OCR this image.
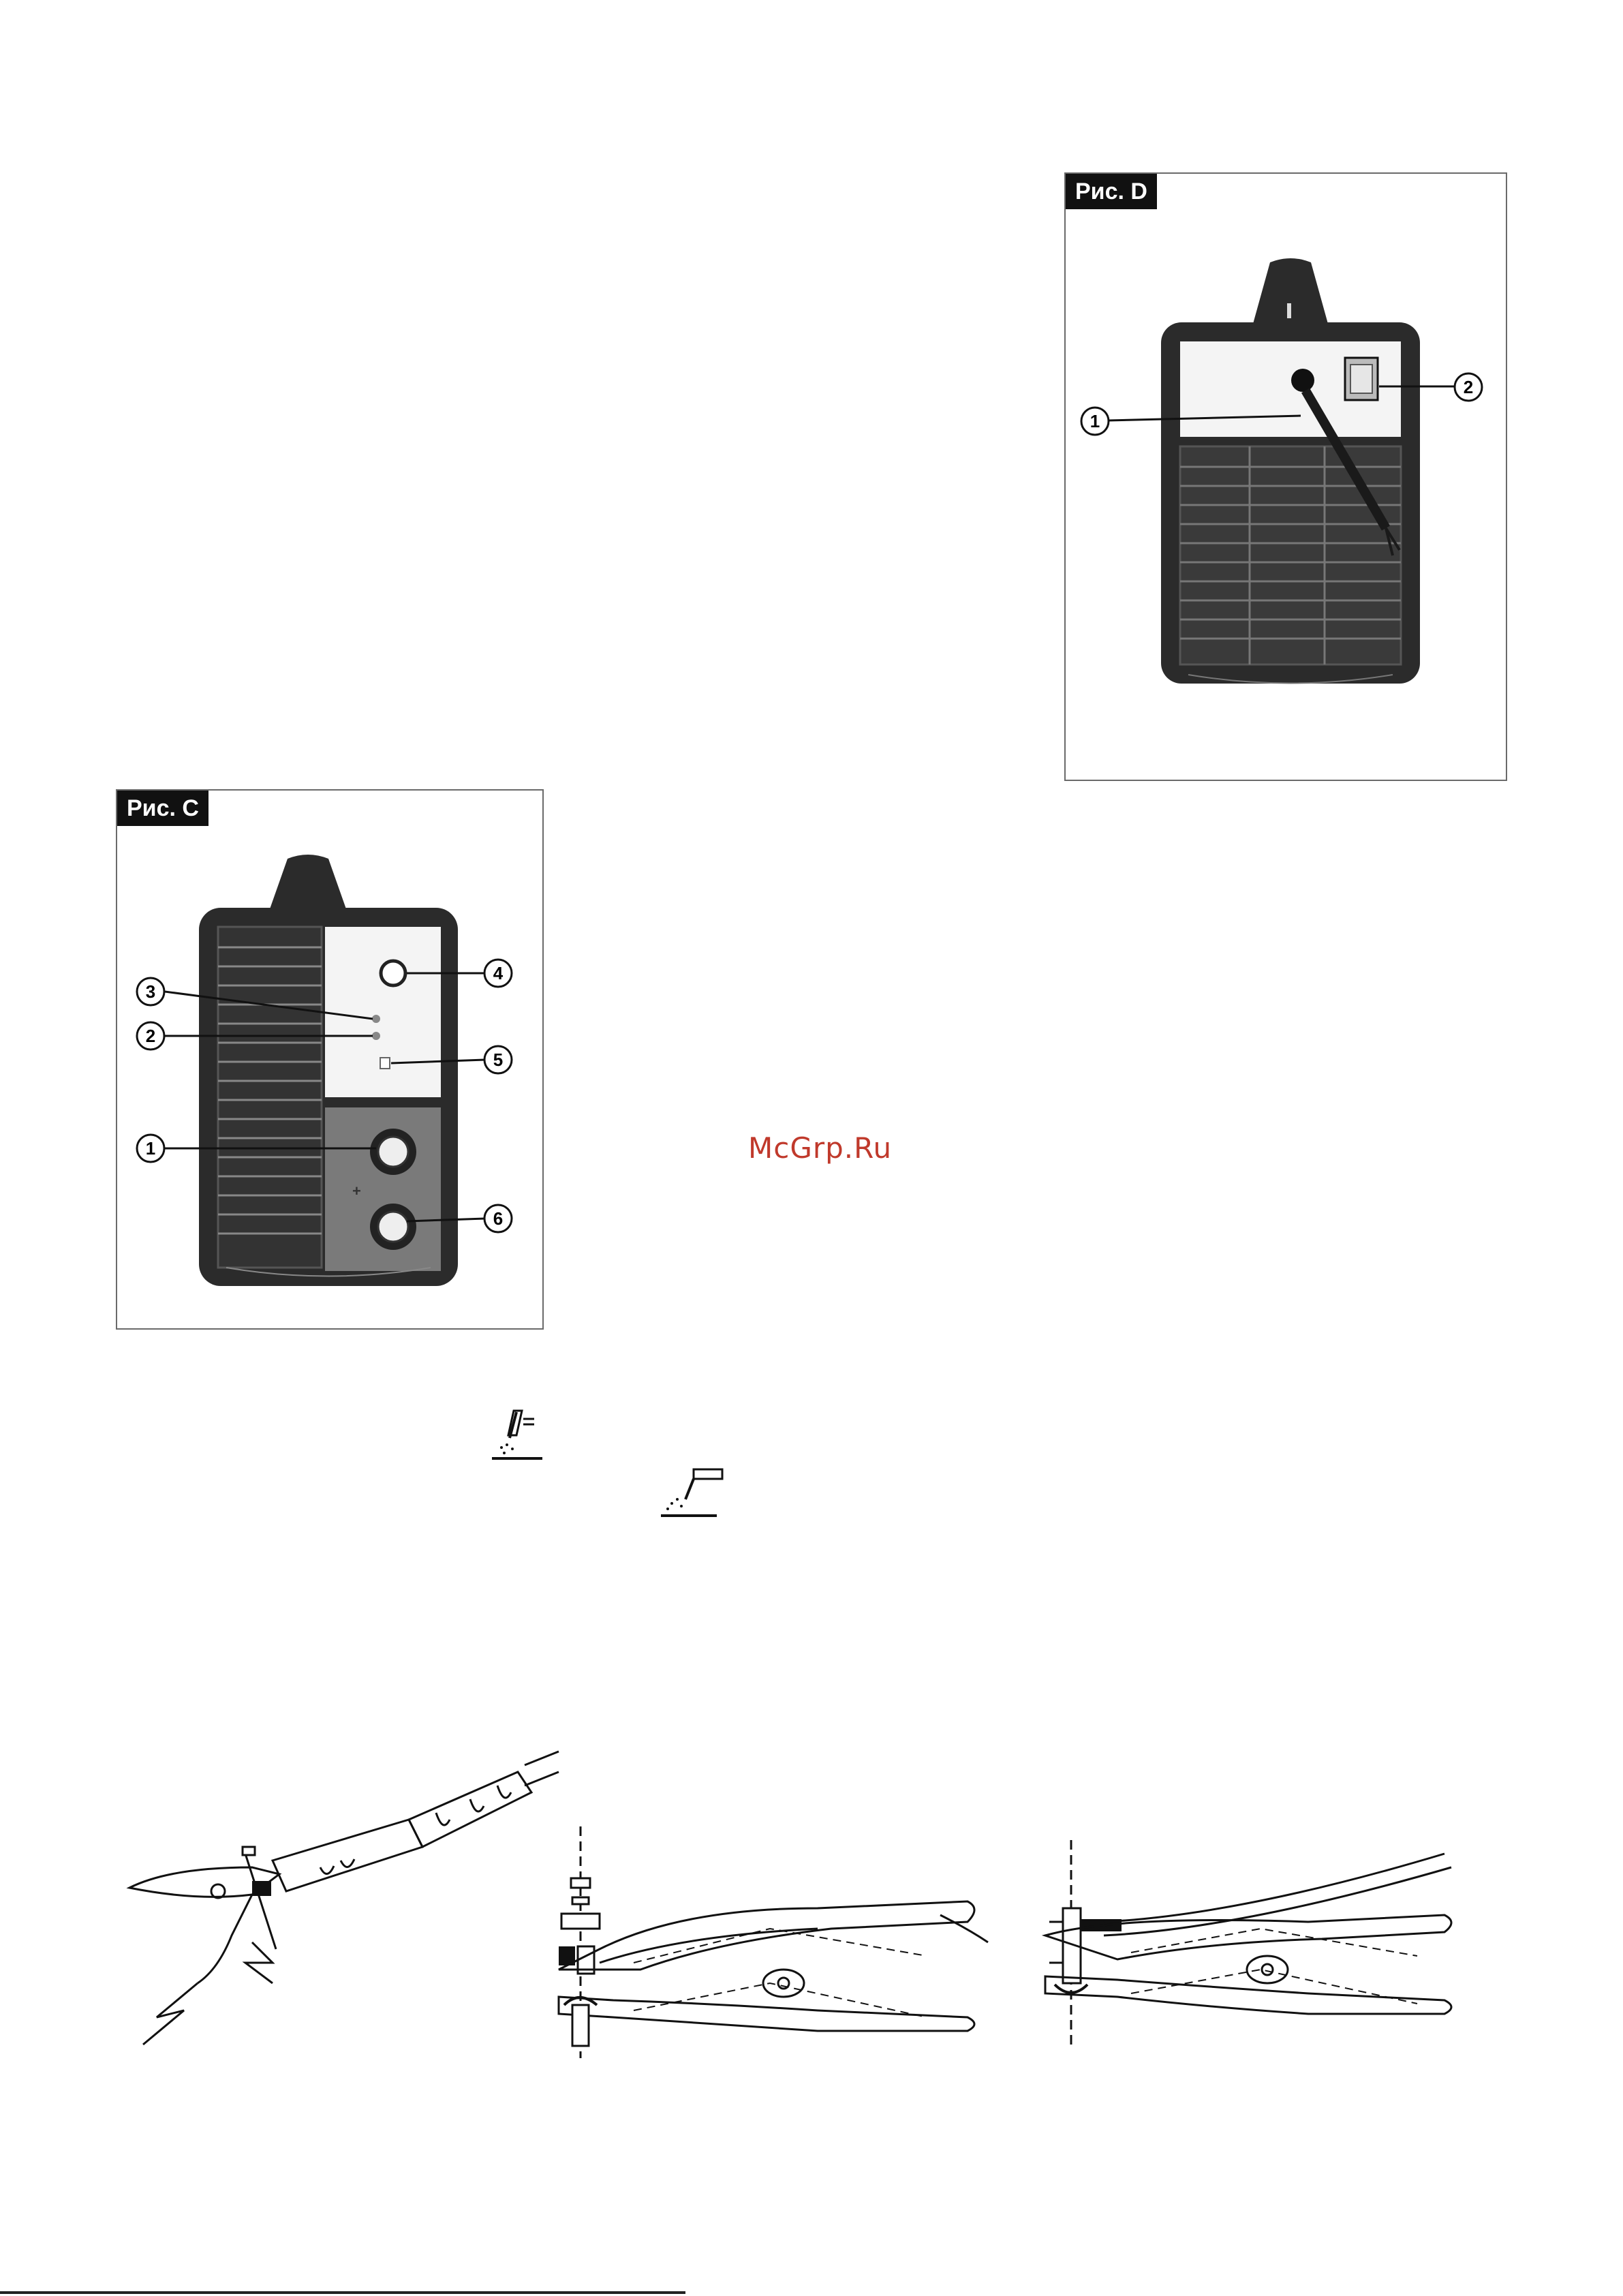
Рис. D
1
2
Рис. C
+
3
2
4
5
1
6
McGrp.Ru
